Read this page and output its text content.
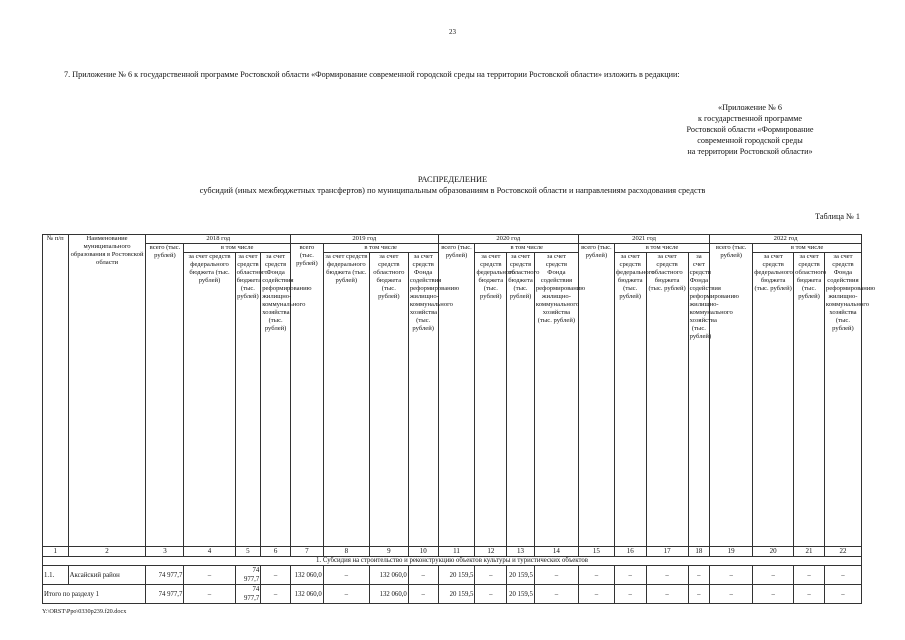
23
7. Приложение № 6 к государственной программе Ростовской области «Формирование современной городской среды на территории Ростовской области» изложить в редакции:
«Приложение № 6
к государственной программе
Ростовской области «Формирование
современной городской среды
на территории Ростовской области»
РАСПРЕДЕЛЕНИЕ
субсидий (иных межбюджетных трансфертов) по муниципальным образованиям в Ростовской области и направлениям расходования средств
Таблица № 1
№ п/п	Наименование муниципального образования в Ростовской области	2018 год				2019 год				2020 год				2021 год				2022 год			
		всего (тыс. рублей)	в том числе			всего (тыс. рублей)	в том числе			всего (тыс. рублей)	в том числе			всего (тыс. рублей)	в том числе			всего (тыс. рублей)	в том числе		
			за счет средств федерального бюджета (тыс. рублей)	за счет средств областного бюджета (тыс. рублей)	за счет средств Фонда содействия реформированию жилищно-коммунального хозяйства (тыс. рублей)		за счет средств федерального бюджета (тыс. рублей)	за счет средств областного бюджета (тыс. рублей)	за счет средств Фонда содействия реформированию жилищно-коммунального хозяйства (тыс. рублей)		за счет средств федерального бюджета (тыс. рублей)	за счет средств областного бюджета (тыс. рублей)	за счет средств Фонда содействия реформированию жилищно-коммунального хозяйства (тыс. рублей)		за счет средств федерального бюджета (тыс. рублей)	за счет средств областного бюджета (тыс. рублей)	за счет средств Фонда содействия реформированию жилищно-коммунального хозяйства (тыс. рублей)		за счет средств федерального бюджета (тыс. рублей)	за счет средств областного бюджета (тыс. рублей)	за счет средств Фонда содействия реформированию жилищно-коммунального хозяйства (тыс. рублей)
1	2	3	4	5	6	7	8	9	10	11	12	13	14	15	16	17	18	19	20	21	22
1. Субсидия на строительство и реконструкцию объектов культуры и туристических объектов																					
1.1.	Аксайский район	74 977,7	–	74 977,7	–	132 060,0	–	132 060,0	–	20 159,5	–	20 159,5	–	–	–	–	–	–	–	–	–
Итого по разделу 1		74 977,7	–	74 977,7	–	132 060,0	–	132 060,0	–	20 159,5	–	20 159,5	–	–	–	–	–	–	–	–	–
Y:\ORST\Ppo\0330p239.f20.docx
